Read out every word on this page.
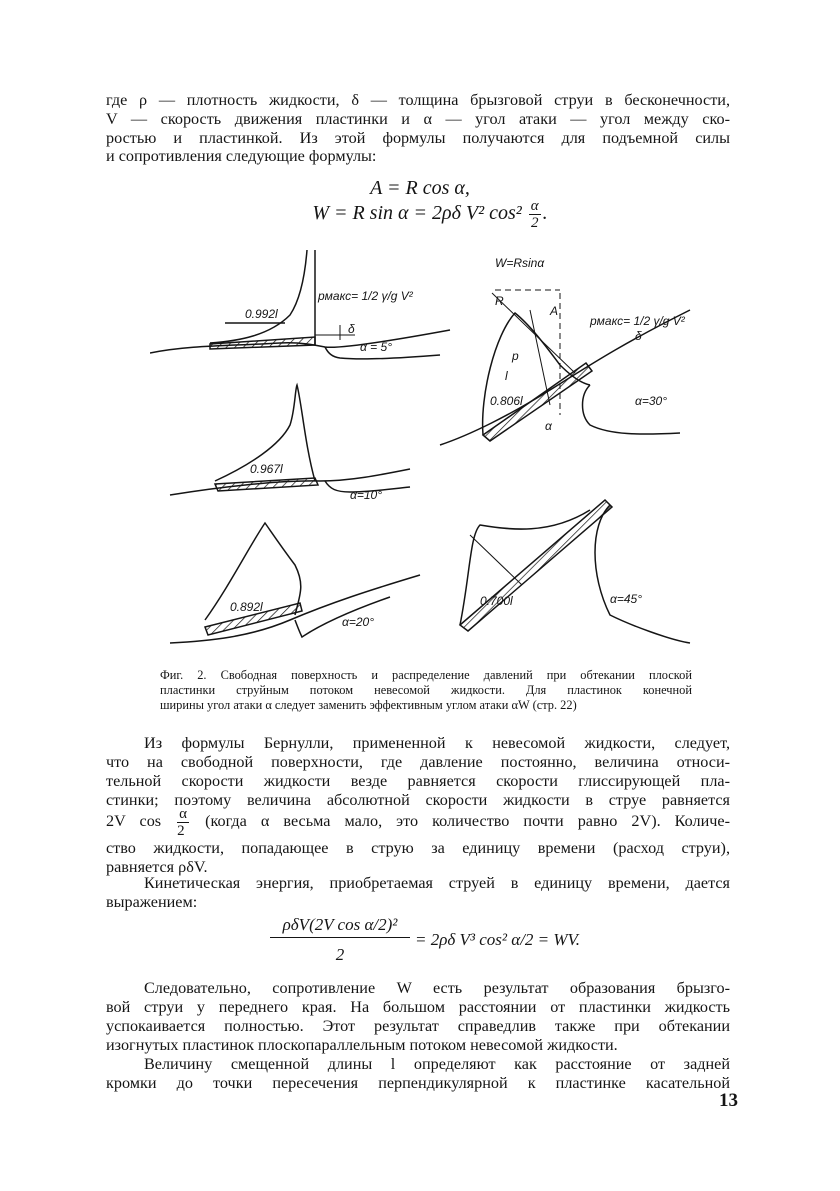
где ρ — плотность жидкости, δ — толщина брызговой струи в бесконечности,

V — скорость движения пластинки и α — угол атаки — угол между ско-

ростью и пластинкой. Из этой формулы получаются для подъемной силы

и сопротивления следующие формулы:

A = R cos α,
W = R sin α = 2ρδ V² $\cos^2 \frac{\alpha}{2}$ .
0.992l
pмакс= 1/2 γ/g V²
δ
α = 5°
0.967l
α=10°
0.892l
α=20°
W=Rsinα
R
A
p
l
0.806l
pмакс= 1/2 γ/g V²
δ
α
α=30°
0.700l	α=45°

Фиг. 2. Свободная поверхность и распределение давлений при обтекании плоской

пластинки струйным потоком невесомой жидкости. Для пластинок конечной

ширины угол атаки α следует заменить эффективным углом атаки αW (стр. 22)

Из формулы Бернулли, примененной к невесомой жидкости, следует,

что на свободной поверхности, где давление постоянно, величина относи-

тельной скорости жидкости везде равняется скорости глиссирующей пла-

стинки; поэтому величина абсолютной скорости жидкости в струе равняется

2V $\cos \frac{\alpha}{2}$ (когда α весьма мало, это количество почти равно 2V). Количе-

ство жидкости, попадающее в струю за единицу времени (расход струи),

равняется ρδV.

Кинетическая энергия, приобретаемая струей в единицу времени, дается

выражением:

ρδV(2V cos α/2)²
2
= 2ρδ V³ cos² α/2 = WV.

Следовательно, сопротивление W есть результат образования брызго-

вой струи у переднего края. На большом расстоянии от пластинки жидкость

успокаивается полностью. Этот результат справедлив также при обтекании

изогнутых пластинок плоскопараллельным потоком невесомой жидкости.

Величину смещенной длины l определяют как расстояние от задней

кромки до точки пересечения перпендикулярной к пластинке касательной

13
